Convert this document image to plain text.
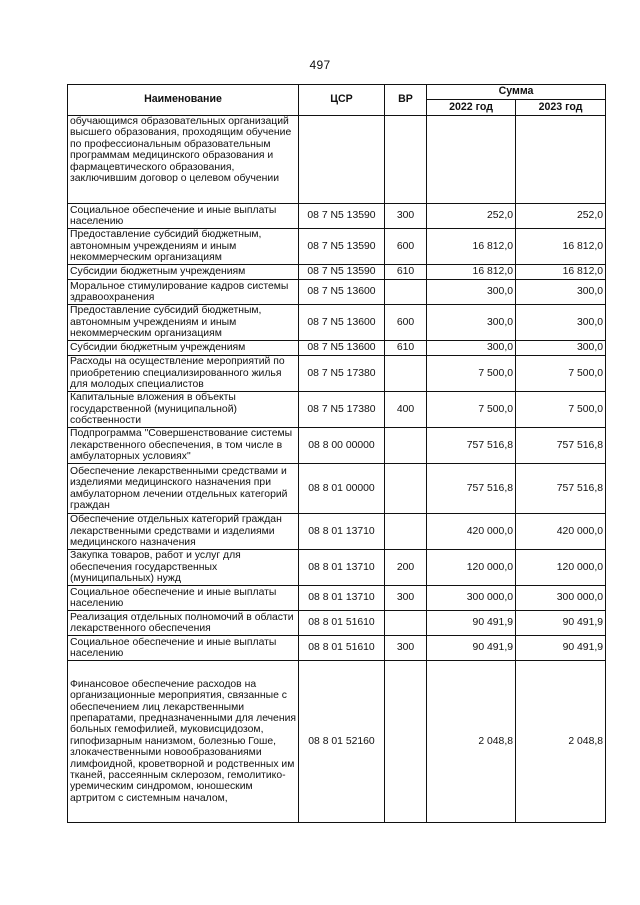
497
Наименование	ЦСР	ВР	Сумма	
			2022 год	2023 год
обучающимся образовательных организаций высшего образования, проходящим обучение по профессиональным образовательным программам медицинского образования и фармацевтического образования, заключившим договор о целевом обучении				
Социальное обеспечение и иные выплаты населению	08 7 N5 13590	300	252,0	252,0
Предоставление субсидий бюджетным, автономным учреждениям и иным некоммерческим организациям	08 7 N5 13590	600	16 812,0	16 812,0
Субсидии бюджетным учреждениям	08 7 N5 13590	610	16 812,0	16 812,0
Моральное стимулирование кадров системы здравоохранения	08 7 N5 13600		300,0	300,0
Предоставление субсидий бюджетным, автономным учреждениям и иным некоммерческим организациям	08 7 N5 13600	600	300,0	300,0
Субсидии бюджетным учреждениям	08 7 N5 13600	610	300,0	300,0
Расходы на осуществление мероприятий по приобретению специализированного жилья для молодых специалистов	08 7 N5 17380		7 500,0	7 500,0
Капитальные вложения в объекты государственной (муниципальной) собственности	08 7 N5 17380	400	7 500,0	7 500,0
Подпрограмма "Совершенствование системы лекарственного обеспечения, в том числе в амбулаторных условиях"	08 8 00 00000		757 516,8	757 516,8
Обеспечение лекарственными средствами и изделиями медицинского назначения при амбулаторном лечении отдельных категорий граждан	08 8 01 00000		757 516,8	757 516,8
Обеспечение отдельных категорий граждан лекарственными средствами и изделиями медицинского назначения	08 8 01 13710		420 000,0	420 000,0
Закупка товаров, работ и услуг для обеспечения государственных (муниципальных) нужд	08 8 01 13710	200	120 000,0	120 000,0
Социальное обеспечение и иные выплаты населению	08 8 01 13710	300	300 000,0	300 000,0
Реализация отдельных полномочий в области лекарственного обеспечения	08 8 01 51610		90 491,9	90 491,9
Социальное обеспечение и иные выплаты населению	08 8 01 51610	300	90 491,9	90 491,9
Финансовое обеспечение расходов на организационные мероприятия, связанные с обеспечением лиц лекарственными препаратами, предназначенными для лечения больных гемофилией, муковисцидозом, гипофизарным нанизмом, болезнью Гоше, злокачественными новообразованиями лимфоидной, кроветворной и родственных им тканей, рассеянным склерозом, гемолитико-уремическим синдромом, юношеским артритом с системным началом,	08 8 01 52160		2 048,8	2 048,8
